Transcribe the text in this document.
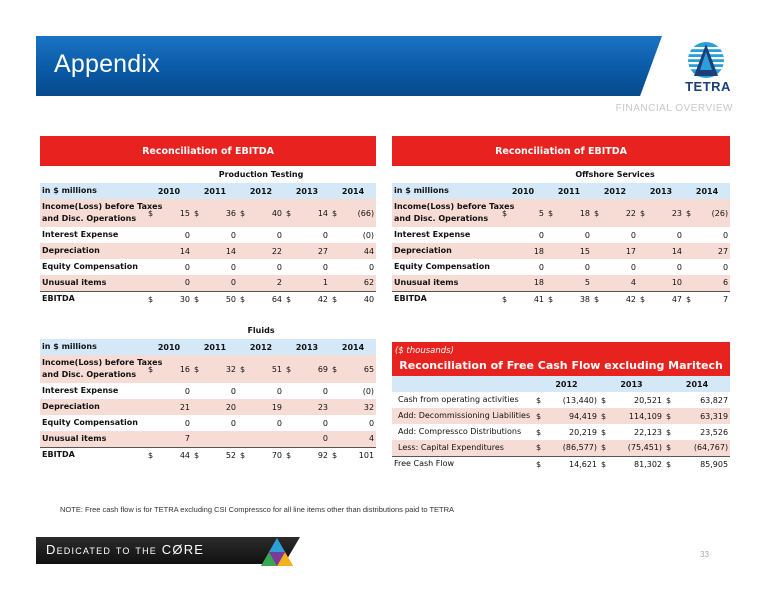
Appendix
TETRA
FINANCIAL OVERVIEW
Reconciliation of EBITDA										
	Production Testing									
in $ millions	2010		2011		2012		2013		2014	
Income(Loss) before Taxes
and Disc. Operations	$	15	$	36	$	40	$	14	$	(66)
Interest Expense		0		0		0		0		(0)
Depreciation		14		14		22		27		44
Equity Compensation		0		0		0		0		0
Unusual items		0		0		2		1		62
EBITDA	$	30	$	50	$	64	$	42	$	40
Reconciliation of EBITDA										
	Offshore Services									
in $ millions	2010		2011		2012		2013		2014	
Income(Loss) before Taxes
and Disc. Operations	$	5	$	18	$	22	$	23	$	(26)
Interest Expense		0		0		0		0		0
Depreciation		18		15		17		14		27
Equity Compensation		0		0		0		0		0
Unusual items		18		5		4		10		6
EBITDA	$	41	$	38	$	42	$	47	$	7
	Fluids									
in $ millions	2010		2011		2012		2013		2014	
Income(Loss) before Taxes
and Disc. Operations	$	16	$	32	$	51	$	69	$	65
Interest Expense		0		0		0		0		(0)
Depreciation		21		20		19		23		32
Equity Compensation		0		0		0		0		0
Unusual items		7						0		4
EBITDA	$	44	$	52	$	70	$	92	$	101
($ thousands)
Reconciliation of Free Cash Flow excluding Maritech						
	2012		2013		2014	
Cash from operating activities	$	(13,440)	$	20,521	$	63,827
Add: Decommissioning Liabilities	$	94,419	$	114,109	$	63,319
Add: Compressco Distributions	$	20,219	$	22,123	$	23,526
Less: Capital Expenditures	$	(86,577)	$	(75,451)	$	(64,767)
Free Cash Flow	$	14,621	$	81,302	$	85,905
NOTE: Free cash flow is for TETRA excluding CSI Compressco for all line items other than distributions paid to TETRA
Dedicated to the CØRE	33
